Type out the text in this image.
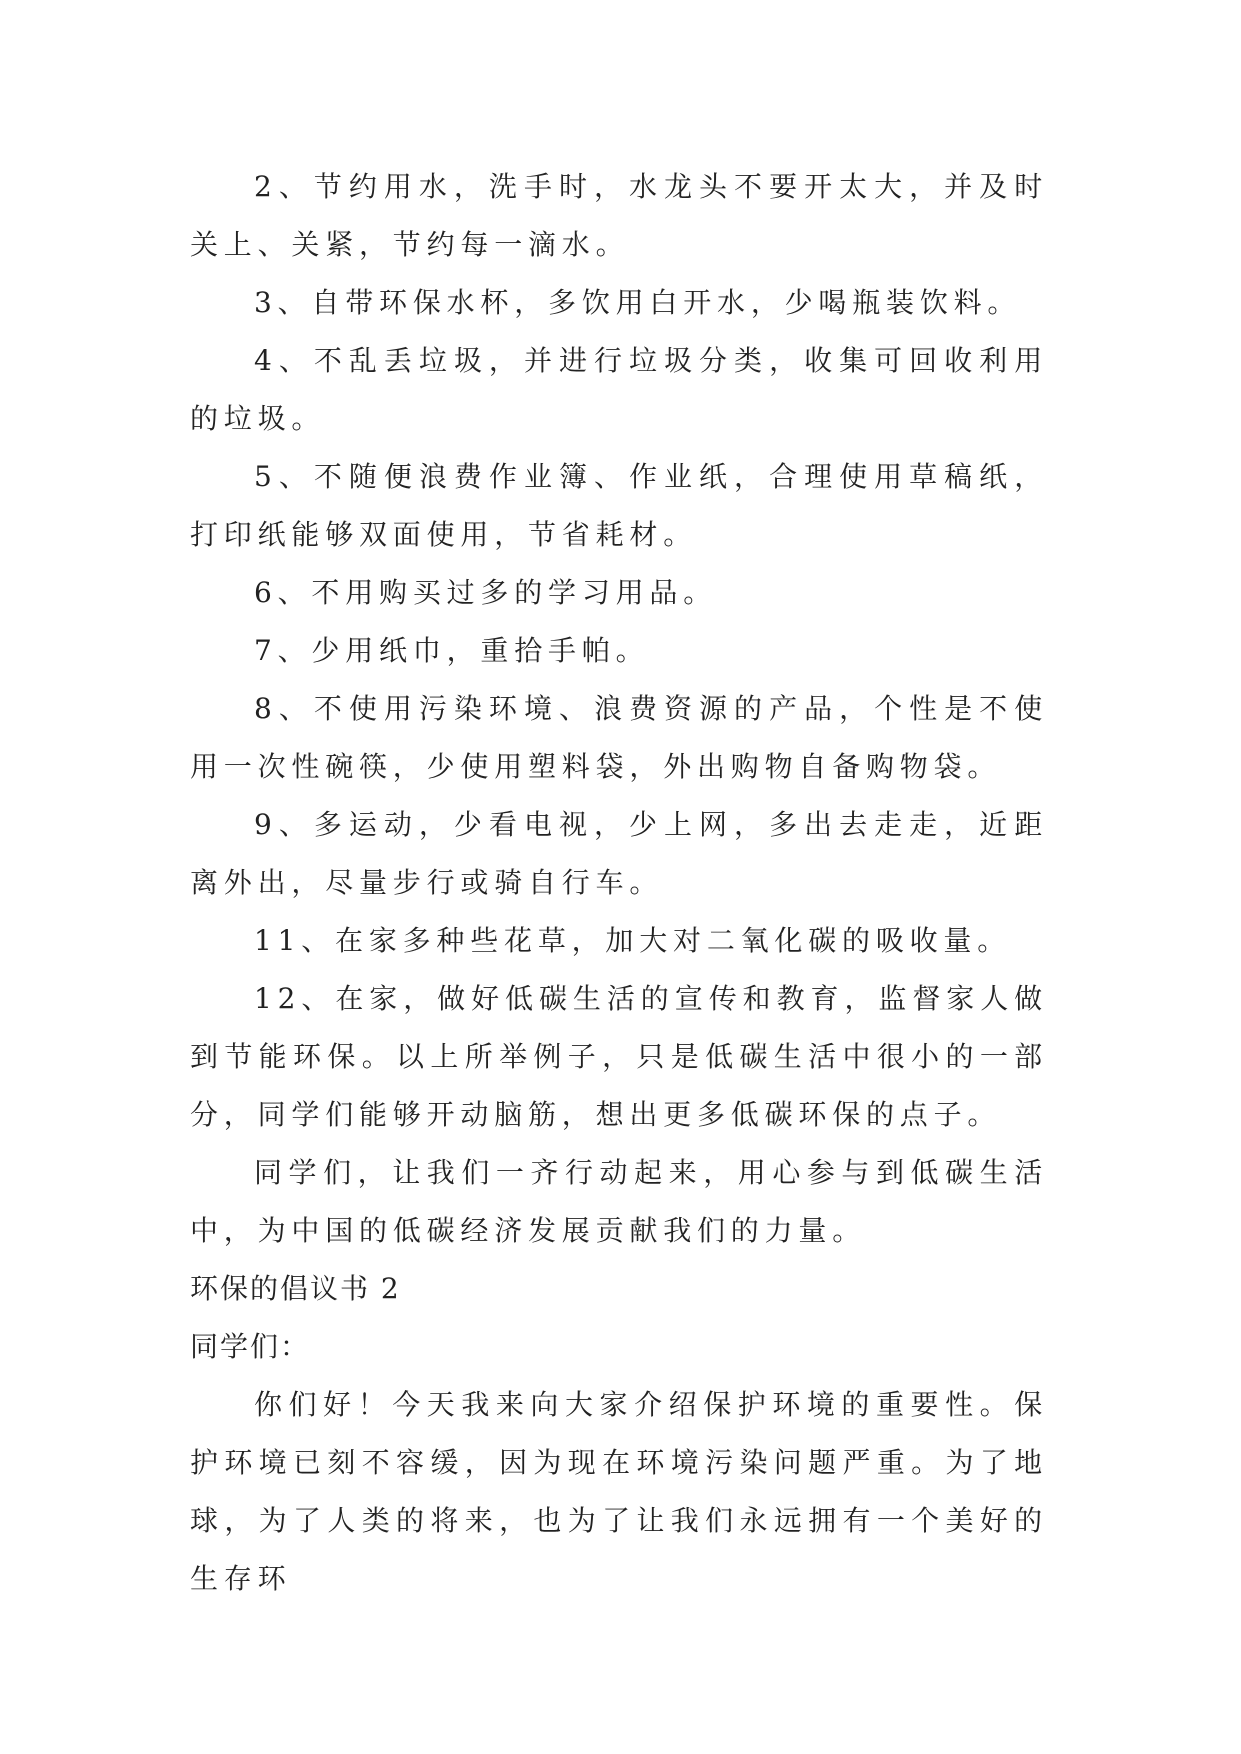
2、节约用水，洗手时，水龙头不要开太大，并及时关上、关紧，节约每一滴水。

3、自带环保水杯，多饮用白开水，少喝瓶装饮料。

4、不乱丢垃圾，并进行垃圾分类，收集可回收利用的垃圾。

5、不随便浪费作业簿、作业纸，合理使用草稿纸，打印纸能够双面使用，节省耗材。

6、不用购买过多的学习用品。

7、少用纸巾，重拾手帕。

8、不使用污染环境、浪费资源的产品，个性是不使用一次性碗筷，少使用塑料袋，外出购物自备购物袋。

9、多运动，少看电视，少上网，多出去走走，近距离外出，尽量步行或骑自行车。

11、在家多种些花草，加大对二氧化碳的吸收量。

12、在家，做好低碳生活的宣传和教育，监督家人做到节能环保。以上所举例子，只是低碳生活中很小的一部分，同学们能够开动脑筋，想出更多低碳环保的点子。

同学们，让我们一齐行动起来，用心参与到低碳生活中，为中国的低碳经济发展贡献我们的力量。

环保的倡议书 2

同学们：

你们好！今天我来向大家介绍保护环境的重要性。保护环境已刻不容缓，因为现在环境污染问题严重。为了地球，为了人类的将来，也为了让我们永远拥有一个美好的生存环
